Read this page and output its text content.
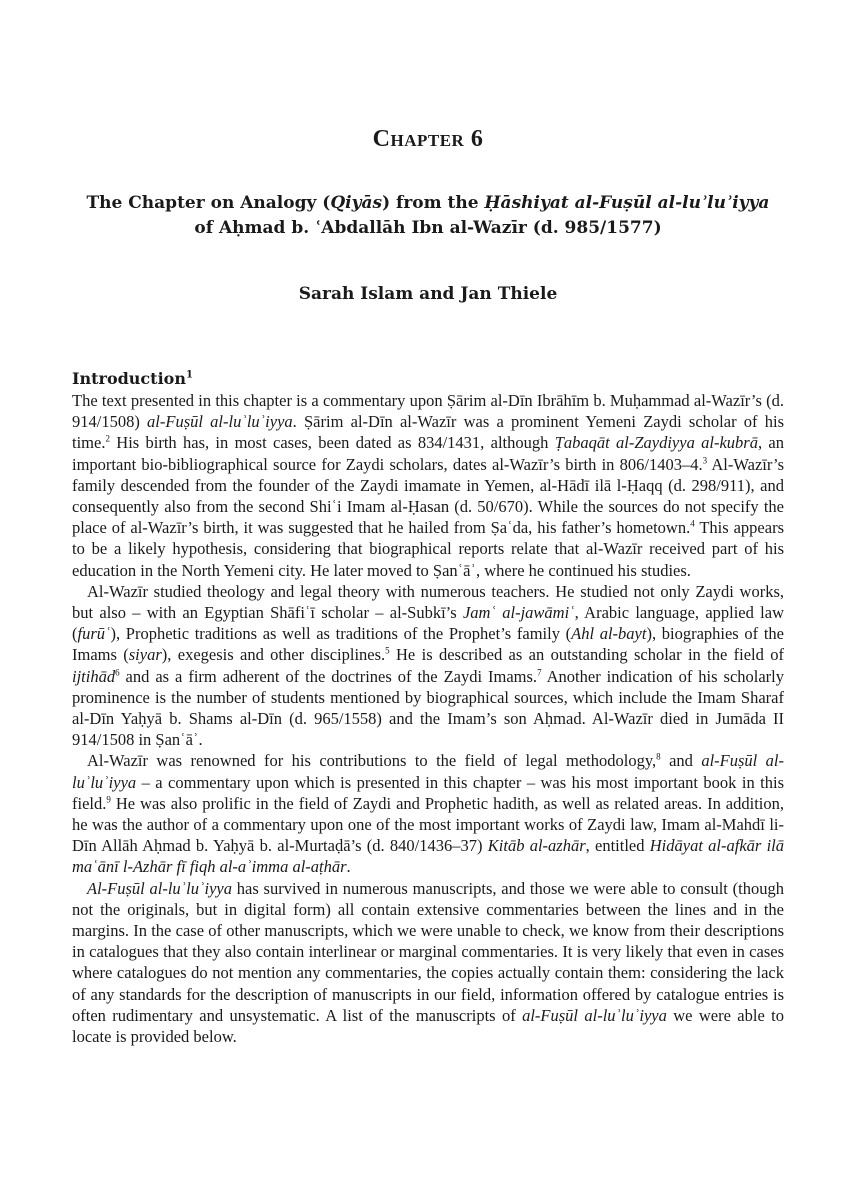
Chapter 6
The Chapter on Analogy (Qiyās) from the Ḥāshiyat al-Fuṣūl al-luʾluʾiyya
of Aḥmad b. ʿAbdallāh Ibn al-Wazīr (d. 985/1577)
Sarah Islam and Jan Thiele
Introduction$^1$

The text presented in this chapter is a commentary upon Ṣārim al-Dīn Ibrāhīm b. Muḥammad al-Wazīr’s (d. 914/1508) al-Fuṣūl al-luʾluʾiyya. Ṣārim al-Dīn al-Wazīr was a prominent Yemeni Zaydi scholar of his time.$^2$ His birth has, in most cases, been dated as 834/1431, although Ṭabaqāt al-Zaydiyya al-kubrā, an important bio-bibliographical source for Zaydi scholars, dates al-Wazīr’s birth in 806/1403–4.$^3$ Al-Wazīr’s family descended from the founder of the Zaydi imamate in Yemen, al-Hādī ilā l-Ḥaqq (d. 298/911), and consequently also from the second Shiʿi Imam al-Ḥasan (d. 50/670). While the sources do not specify the place of al-Wazīr’s birth, it was suggested that he hailed from Ṣaʿda, his father’s hometown.$^4$ This appears to be a likely hypothesis, considering that biographical reports relate that al-Wazīr received part of his education in the North Yemeni city. He later moved to Ṣanʿāʾ, where he continued his studies.

Al-Wazīr studied theology and legal theory with numerous teachers. He studied not only Zaydi works, but also – with an Egyptian Shāfiʿī scholar – al-Subkī’s Jamʿ al-jawāmiʿ, Arabic language, applied law (furūʿ), Prophetic traditions as well as traditions of the Prophet’s family (Ahl al-bayt), biographies of the Imams (siyar), exegesis and other disciplines.$^5$ He is described as an outstanding scholar in the field of ijtihād$^6$ and as a firm adherent of the doctrines of the Zaydi Imams.$^7$ Another indication of his scholarly prominence is the number of students mentioned by biographical sources, which include the Imam Sharaf al-Dīn Yaḥyā b. Shams al-Dīn (d. 965/1558) and the Imam’s son Aḥmad. Al-Wazīr died in Jumāda II 914/1508 in Ṣanʿāʾ.

Al-Wazīr was renowned for his contributions to the field of legal methodology,$^8$ and al-Fuṣūl al-luʾluʾiyya – a commentary upon which is presented in this chapter – was his most important book in this field.$^9$ He was also prolific in the field of Zaydi and Prophetic hadith, as well as related areas. In addition, he was the author of a commentary upon one of the most important works of Zaydi law, Imam al-Mahdī li-Dīn Allāh Aḥmad b. Yaḥyā b. al-Murtaḍā’s (d. 840/1436–37) Kitāb al-azhār, entitled Hidāyat al-afkār ilā maʿānī l-Azhār fī fiqh al-aʾimma al-aṭhār.

Al-Fuṣūl al-luʾluʾiyya has survived in numerous manuscripts, and those we were able to consult (though not the originals, but in digital form) all contain extensive commentaries between the lines and in the margins. In the case of other manuscripts, which we were unable to check, we know from their descriptions in catalogues that they also contain interlinear or marginal commentaries. It is very likely that even in cases where catalogues do not mention any commentaries, the copies actually contain them: considering the lack of any standards for the description of manuscripts in our field, information offered by catalogue entries is often rudimentary and unsystematic. A list of the manuscripts of al-Fuṣūl al-luʾluʾiyya we were able to locate is provided below.
